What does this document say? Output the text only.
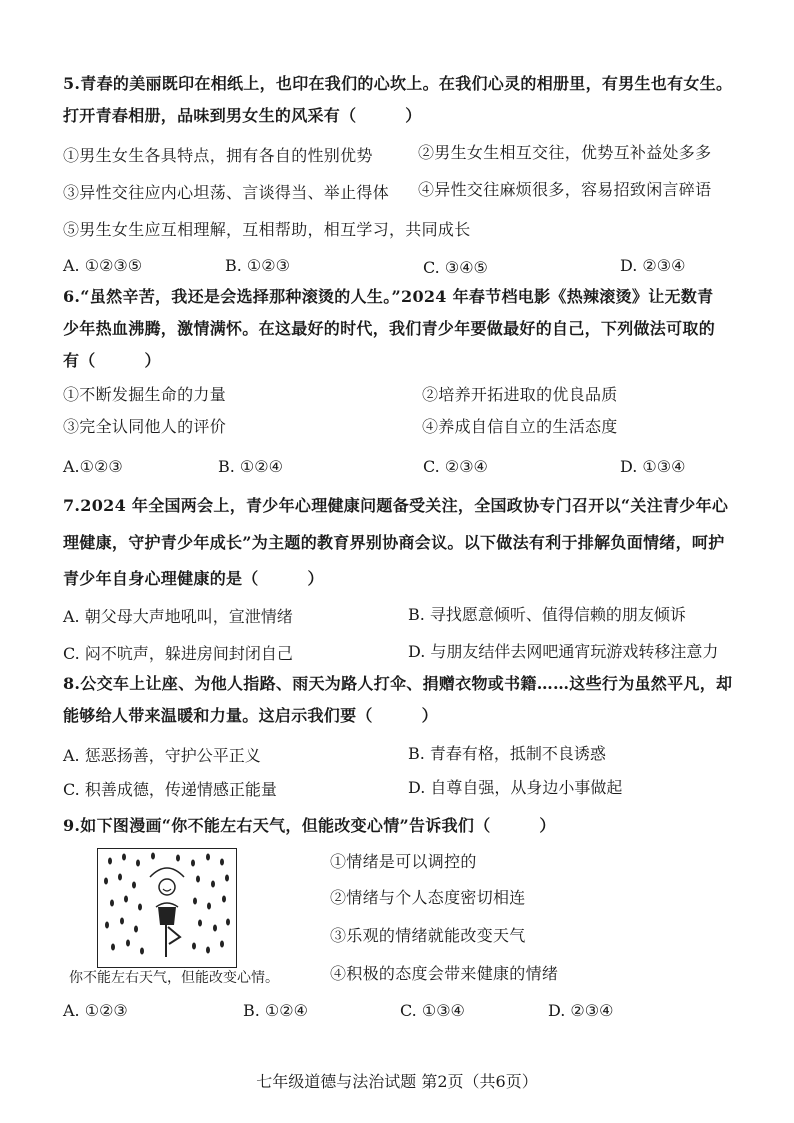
5.青春的美丽既印在相纸上，也印在我们的心坎上。在我们心灵的相册里，有男生也有女生。
打开青春相册，品味到男女生的风采有（　　　）
①男生女生各具特点，拥有各自的性别优势	②男生女生相互交往，优势互补益处多多
③异性交往应内心坦荡、言谈得当、举止得体 ④异性交往麻烦很多，容易招致闲言碎语
⑤男生女生应互相理解，互相帮助，相互学习，共同成长
A. ①②③⑤	B. ①②③	C. ③④⑤	D. ②③④
6.“虽然辛苦，我还是会选择那种滚烫的人生。”2024 年春节档电影《热辣滚烫》让无数青
少年热血沸腾，激情满怀。在这最好的时代，我们青少年要做最好的自己，下列做法可取的
有（　　　）
①不断发掘生命的力量	②培养开拓进取的优良品质
③完全认同他人的评价	④养成自信自立的生活态度
A.①②③	B. ①②④	C. ②③④	D. ①③④
7.2024 年全国两会上，青少年心理健康问题备受关注，全国政协专门召开以“关注青少年心
理健康，守护青少年成长”为主题的教育界别协商会议。以下做法有利于排解负面情绪，呵护
青少年自身心理健康的是（　　　）
A. 朝父母大声地吼叫，宣泄情绪	B. 寻找愿意倾听、值得信赖的朋友倾诉
C. 闷不吭声，躲进房间封闭自己	D. 与朋友结伴去网吧通宵玩游戏转移注意力
8.公交车上让座、为他人指路、雨天为路人打伞、捐赠衣物或书籍……这些行为虽然平凡，却
能够给人带来温暖和力量。这启示我们要（　　　）
A. 惩恶扬善，守护公平正义	B. 青春有格，抵制不良诱惑
C. 积善成德，传递情感正能量	D. 自尊自强，从身边小事做起
9.如下图漫画“你不能左右天气，但能改变心情”告诉我们（　　　）
你不能左右天气，但能改变心情。
①情绪是可以调控的
②情绪与个人态度密切相连
③乐观的情绪就能改变天气
④积极的态度会带来健康的情绪
A. ①②③	B. ①②④	C. ①③④	D. ②③④
七年级道德与法治试题 第2页（共6页）
